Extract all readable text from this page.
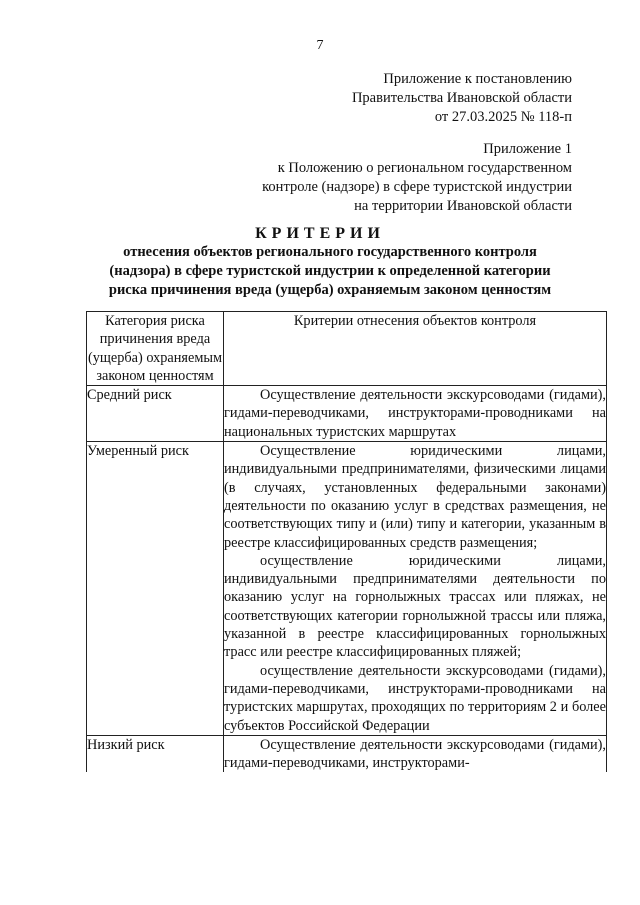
7
Приложение к постановлению
Правительства Ивановской области
от 27.03.2025 № 118-п
Приложение 1
к Положению о региональном государственном
контроле (надзоре) в сфере туристской индустрии
на территории Ивановской области
КРИТЕРИИ
отнесения объектов регионального государственного контроля
(надзора) в сфере туристской индустрии к определенной категории
риска причинения вреда (ущерба) охраняемым законом ценностям
Категория риска причинения вреда (ущерба) охраняемым законом ценностям	Критерии отнесения объектов контроля
Средний риск	Осуществление деятельности экскурсоводами (гидами), гидами-переводчиками, инструкторами-проводниками на национальных туристских маршрутах

Умеренный риск	Осуществление юридическими лицами, индивидуальными предпринимателями, физическими лицами (в случаях, установленных федеральными законами) деятельности по оказанию услуг в средствах размещения, не соответствующих типу и (или) типу и категории, указанным в реестре классифицированных средств размещения;
осуществление юридическими лицами, индивидуальными предпринимателями деятельности по оказанию услуг на горнолыжных трассах или пляжах, не соответствующих категории горнолыжной трассы или пляжа, указанной в реестре классифицированных горнолыжных трасс или реестре классифицированных пляжей;
осуществление деятельности экскурсоводами (гидами), гидами-переводчиками, инструкторами-проводниками на туристских маршрутах, проходящих по территориям 2 и более субъектов Российской Федерации

Низкий риск	Осуществление деятельности экскурсоводами (гидами), гидами-переводчиками, инструкторами-
